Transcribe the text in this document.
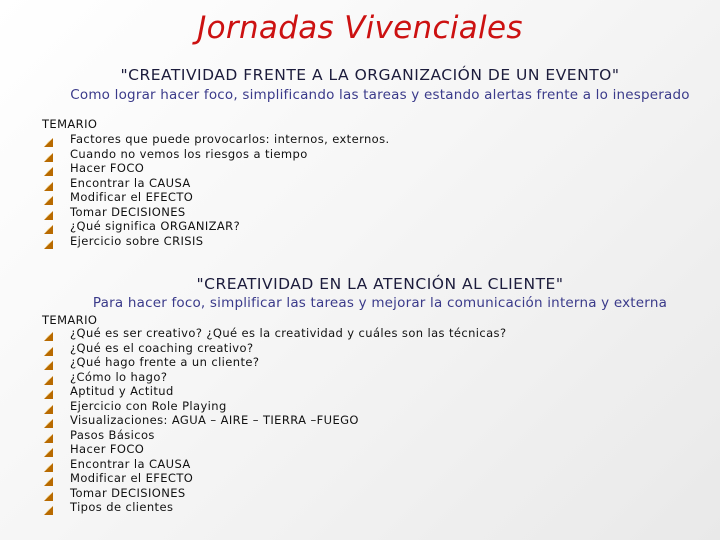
Jornadas Vivenciales
"CREATIVIDAD FRENTE A LA ORGANIZACIÓN DE UN EVENTO"
Como lograr hacer foco, simplificando las tareas y estando alertas frente a lo inesperado
TEMARIO
Factores que puede provocarlos: internos, externos.
Cuando no vemos los riesgos a tiempo
Hacer FOCO
Encontrar la CAUSA
Modificar el EFECTO
Tomar DECISIONES
¿Qué significa ORGANIZAR?
Ejercicio sobre CRISIS
"CREATIVIDAD EN LA ATENCIÓN AL CLIENTE"
Para hacer foco, simplificar las tareas y mejorar la comunicación interna y externa
TEMARIO
¿Qué es ser creativo? ¿Qué es la creatividad y cuáles son las técnicas?
¿Qué es el coaching creativo?
¿Qué hago frente a un cliente?
¿Cómo lo hago?
Aptitud y Actitud
Ejercicio con Role Playing
Visualizaciones: AGUA – AIRE – TIERRA –FUEGO
Pasos Básicos
Hacer FOCO
Encontrar la CAUSA
Modificar el EFECTO
Tomar DECISIONES
Tipos de clientes
